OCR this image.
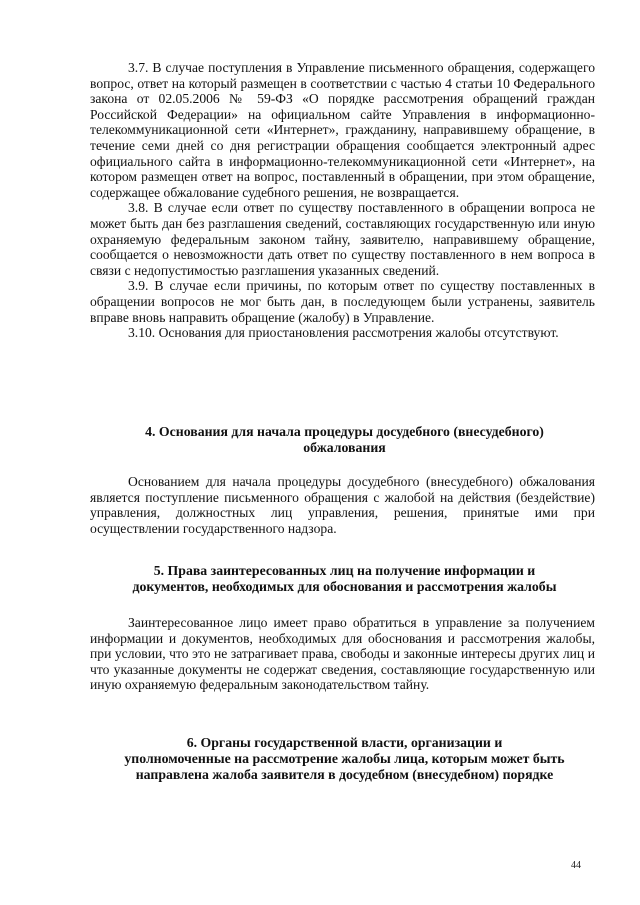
3.7. В случае поступления в Управление письменного обращения, содержащего вопрос, ответ на который размещен в соответствии с частью 4 статьи 10 Федерального закона от 02.05.2006 № 59-ФЗ «О порядке рассмотрения обращений граждан Российской Федерации» на официальном сайте Управления в информационно-телекоммуникационной сети «Интернет», гражданину, направившему обращение, в течение семи дней со дня регистрации обращения сообщается электронный адрес официального сайта в информационно-телекоммуникационной сети «Интернет», на котором размещен ответ на вопрос, поставленный в обращении, при этом обращение, содержащее обжалование судебного решения, не возвращается.

3.8. В случае если ответ по существу поставленного в обращении вопроса не может быть дан без разглашения сведений, составляющих государственную или иную охраняемую федеральным законом тайну, заявителю, направившему обращение, сообщается о невозможности дать ответ по существу поставленного в нем вопроса в связи с недопустимостью разглашения указанных сведений.

3.9. В случае если причины, по которым ответ по существу поставленных в обращении вопросов не мог быть дан, в последующем были устранены, заявитель вправе вновь направить обращение (жалобу) в Управление.

3.10. Основания для приостановления рассмотрения жалобы отсутствуют.

4. Основания для начала процедуры досудебного (внесудебного)
обжалования

Основанием для начала процедуры досудебного (внесудебного) обжалования является поступление письменного обращения с жалобой на действия (бездействие) управления, должностных лиц управления, решения, принятые ими при осуществлении государственного надзора.

5. Права заинтересованных лиц на получение информации и
документов, необходимых для обоснования и рассмотрения жалобы

Заинтересованное лицо имеет право обратиться в управление за получением информации и документов, необходимых для обоснования и рассмотрения жалобы, при условии, что это не затрагивает права, свободы и законные интересы других лиц и что указанные документы не содержат сведения, составляющие государственную или иную охраняемую федеральным законодательством тайну.

6. Органы государственной власти, организации и
уполномоченные на рассмотрение жалобы лица, которым может быть
направлена жалоба заявителя в досудебном (внесудебном) порядке
44
